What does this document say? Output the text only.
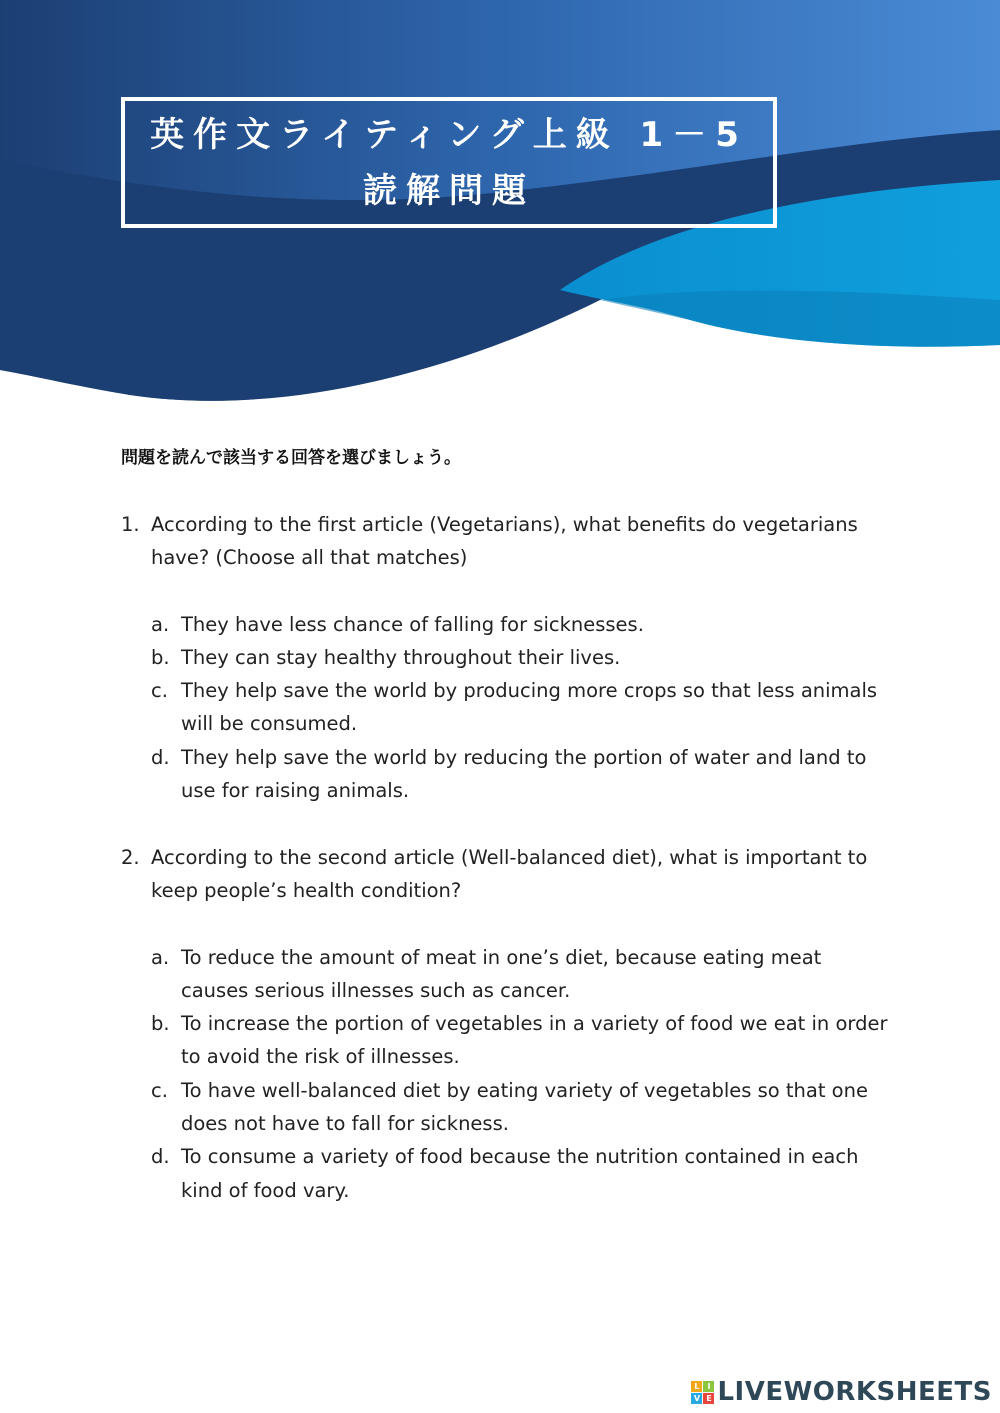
英作文ライティング上級 1－5
読解問題
問題を読んで該当する回答を選びましょう。
1. According to the first article (Vegetarians), what benefits do vegetarians have? (Choose all that matches)
a. They have less chance of falling for sicknesses.
b. They can stay healthy throughout their lives.
c. They help save the world by producing more crops so that less animals will be consumed.
d. They help save the world by reducing the portion of water and land to use for raising animals.
2. According to the second article (Well-balanced diet), what is important to keep people’s health condition?
a. To reduce the amount of meat in one’s diet, because eating meat causes serious illnesses such as cancer.
b. To increase the portion of vegetables in a variety of food we eat in order to avoid the risk of illnesses.
c. To have well-balanced diet by eating variety of vegetables so that one does not have to fall for sickness.
d. To consume a variety of food because the nutrition contained in each kind of food vary.
L I
V E LIVEWORKSHEETS
